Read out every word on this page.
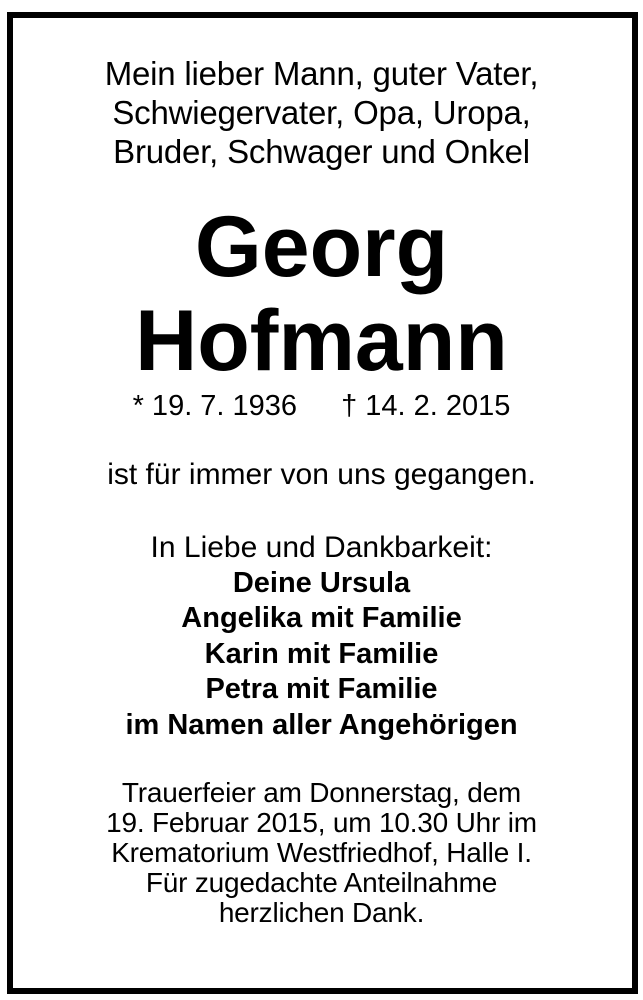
Mein lieber Mann, guter Vater,
Schwiegervater, Opa, Uropa,
Bruder, Schwager und Onkel
Georg
Hofmann
* 19. 7. 1936 † 14. 2. 2015
ist für immer von uns gegangen.
In Liebe und Dankbarkeit:
Deine Ursula
Angelika mit Familie
Karin mit Familie
Petra mit Familie
im Namen aller Angehörigen
Trauerfeier am Donnerstag, dem
19. Februar 2015, um 10.30 Uhr im
Krematorium Westfriedhof, Halle I.
Für zugedachte Anteilnahme
herzlichen Dank.
